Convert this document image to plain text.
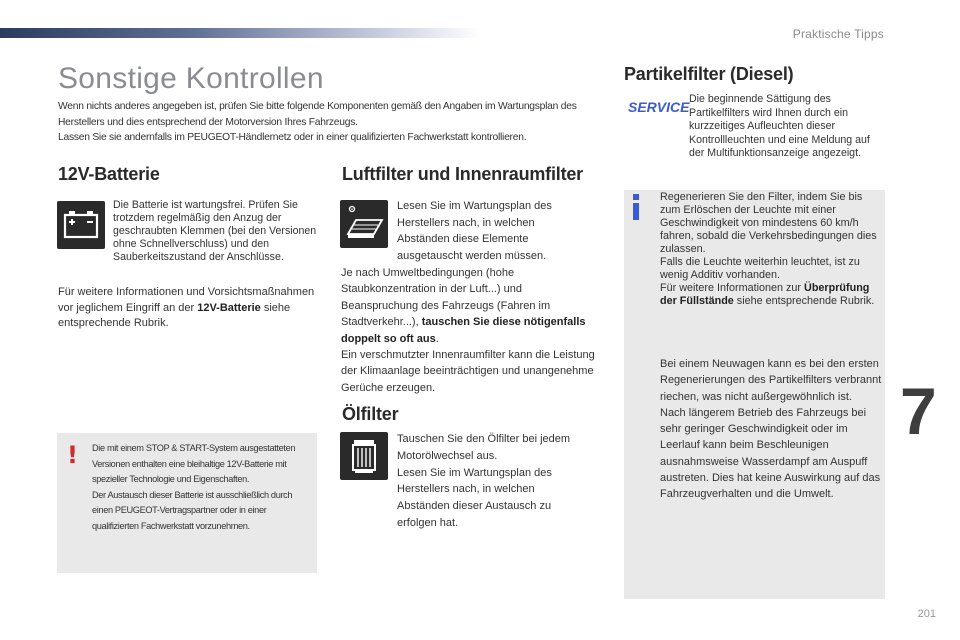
Praktische Tipps
7
201
Sonstige Kontrollen

Wenn nichts anderes angegeben ist, prüfen Sie bitte folgende Komponenten gemäß den Angaben im Wartungsplan des Herstellers und dies entsprechend der Motorversion Ihres Fahrzeugs.

Lassen Sie sie andernfalls im PEUGEOT-Händlernetz oder in einer qualifizierten Fachwerkstatt kontrollieren.

12V-Batterie

Die Batterie ist wartungsfrei. Prüfen Sie trotzdem regelmäßig den Anzug der geschraubten Klemmen (bei den Versionen ohne Schnellverschluss) und den Sauberkeitszustand der Anschlüsse.

Für weitere Informationen und Vorsichtsmaßnahmen vor jeglichem Eingriff an der 12V-Batterie siehe entsprechende Rubrik.

! Die mit einem STOP & START-System ausgestatteten Versionen enthalten eine bleihaltige 12V-Batterie mit spezieller Technologie und Eigenschaften.

Der Austausch dieser Batterie ist ausschließlich durch einen PEUGEOT-Vertragspartner oder in einer qualifizierten Fachwerkstatt vorzunehmen.

Luftfilter und Innenraumfilter

Lesen Sie im Wartungsplan des Herstellers nach, in welchen Abständen diese Elemente ausgetauscht werden müssen.

Je nach Umweltbedingungen (hohe Staubkonzentration in der Luft...) und Beanspruchung des Fahrzeugs (Fahren im Stadtverkehr...), tauschen Sie diese nötigenfalls doppelt so oft aus.

Ein verschmutzter Innenraumfilter kann die Leistung der Klimaanlage beeinträchtigen und unangenehme Gerüche erzeugen.

Ölfilter

Tauschen Sie den Ölfilter bei jedem Motorölwechsel aus.

Lesen Sie im Wartungsplan des Herstellers nach, in welchen Abständen dieser Austausch zu erfolgen hat.

Partikelfilter (Diesel)
SERVICE Die beginnende Sättigung des Partikelfilters wird Ihnen durch ein kurzzeitiges Aufleuchten dieser Kontrollleuchten und eine Meldung auf der Multifunktionsanzeige angezeigt.

Regenerieren Sie den Filter, indem Sie bis zum Erlöschen der Leuchte mit einer Geschwindigkeit von mindestens 60 km/h fahren, sobald die Verkehrsbedingungen dies zulassen.

Falls die Leuchte weiterhin leuchtet, ist zu wenig Additiv vorhanden.

Für weitere Informationen zur Überprüfung der Füllstände siehe entsprechende Rubrik.

Bei einem Neuwagen kann es bei den ersten Regenerierungen des Partikelfilters verbrannt riechen, was nicht außergewöhnlich ist.

Nach längerem Betrieb des Fahrzeugs bei sehr geringer Geschwindigkeit oder im Leerlauf kann beim Beschleunigen ausnahmsweise Wasserdampf am Auspuff austreten. Dies hat keine Auswirkung auf das Fahrzeugverhalten und die Umwelt.
